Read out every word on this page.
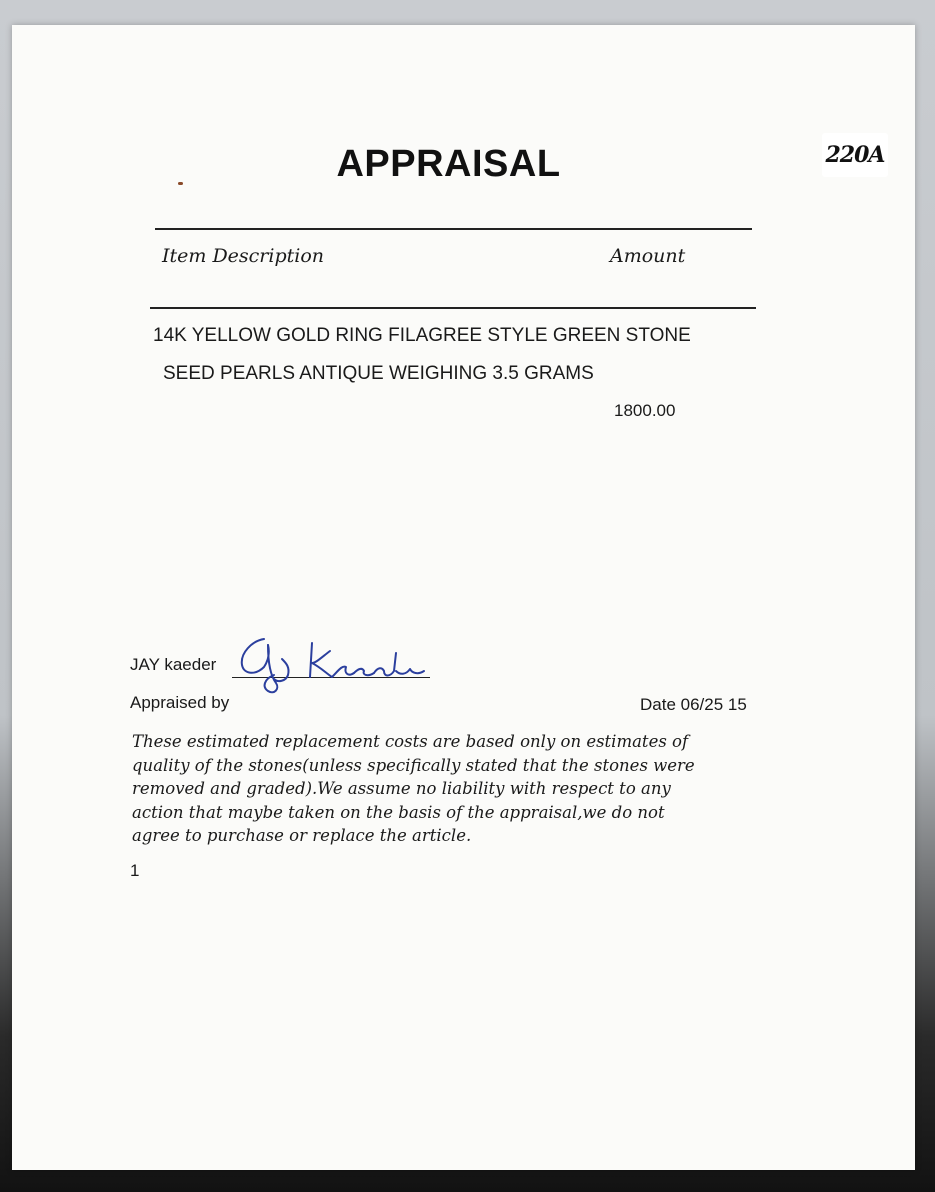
220A
APPRAISAL
Item Description	Amount
14K YELLOW GOLD RING FILAGREE STYLE GREEN STONE
SEED PEARLS ANTIQUE WEIGHING 3.5 GRAMS
1800.00
JAY kaeder
Appraised by	Date 06/25 15
These estimated replacement costs are based only on estimates of
quality of the stones(unless specifically stated that the stones were
removed and graded).We assume no liability with respect to any
action that maybe taken on the basis of the appraisal,we do not
agree to purchase or replace the article.
1
